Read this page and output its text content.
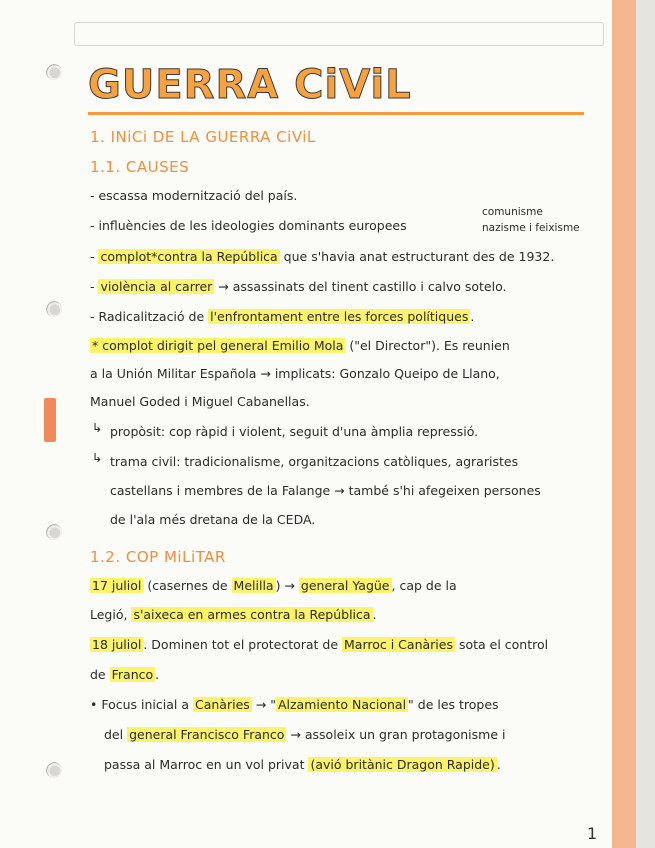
GUERRA CiViL
1. INiCi DE LA GUERRA CiViL
1.1. CAUSES
- escassa modernització del país.
- influències de les ideologies dominants europees
comunisme
nazisme i feixisme
- complot*contra la República que s'havia anat estructurant des de 1932.
- violència al carrer → assassinats del tinent castillo i calvo sotelo.
- Radicalització de l'enfrontament entre les forces polítiques .
* complot dirigit pel general Emilio Mola ("el Director"). Es reunien
a la Unión Militar Española → implicats: Gonzalo Queipo de Llano,
Manuel Goded i Miguel Cabanellas.
↳ propòsit: cop ràpid i violent, seguit d'una àmplia repressió.
↳ trama civil: tradicionalisme, organitzacions catòliques, agraristes
castellans i membres de la Falange → també s'hi afegeixen persones
de l'ala més dretana de la CEDA.
1.2. COP MiLiTAR
17 juliol (casernes de Melilla ) → general Yagüe , cap de la
Legió, s'aixeca en armes contra la República .
18 juliol . Dominen tot el protectorat de Marroc i Canàries sota el control
de Franco .
• Focus inicial a Canàries → " Alzamiento Nacional " de les tropes
del general Francisco Franco → assoleix un gran protagonisme i
passa al Marroc en un vol privat (avió britànic Dragon Rapide) .
1
